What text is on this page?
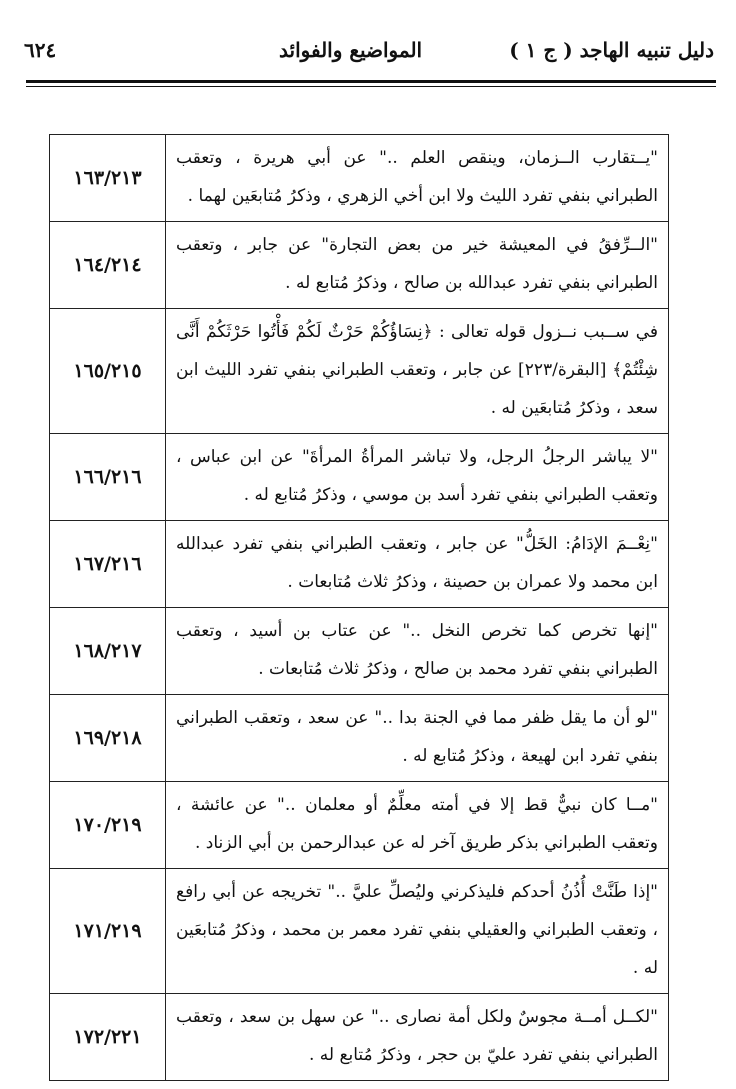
دليل تنبيه الهاجد ( ج ١ )
المواضيع والفوائد
٦٢٤
"يــتقارب الــزمان، وينقص العلم .." عن أبي هريرة ، وتعقب الطبراني بنفي تفرد الليث ولا ابن أخي الزهري ، وذكرُ مُتابعَين لهما .	١٦٣/٢١٣
"الــرِّفقُ في المعيشة خير من بعض التجارة" عن جابر ، وتعقب الطبراني بنفي تفرد عبدالله بن صالح ، وذكرُ مُتابع له .	١٦٤/٢١٤
في ســبب نــزول قوله تعالى : ﴿نِسَاؤُكُمْ حَرْثٌ لَكُمْ فَأْتُوا حَرْثَكُمْ أَنَّى شِئْتُمْ﴾ [البقرة/٢٢٣] عن جابر ، وتعقب الطبراني بنفي تفرد الليث ابن سعد ، وذكرُ مُتابعَين له .	١٦٥/٢١٥
"لا يباشر الرجلُ الرجل، ولا تباشر المرأةُ المرأةَ" عن ابن عباس ، وتعقب الطبراني بنفي تفرد أسد بن موسي ، وذكرُ مُتابع له .	١٦٦/٢١٦
"نِعْــمَ الإدَامُ: الخَلُّ" عن جابر ، وتعقب الطبراني بنفي تفرد عبدالله ابن محمد ولا عمران بن حصينة ، وذكرُ ثلاث مُتابعات .	١٦٧/٢١٦
"إنها تخرص كما تخرص النخل .." عن عتاب بن أسيد ، وتعقب الطبراني بنفي تفرد محمد بن صالح ، وذكرُ ثلاث مُتابعات .	١٦٨/٢١٧
"لو أن ما يقل ظفر مما في الجنة بدا .." عن سعد ، وتعقب الطبراني بنفي تفرد ابن لهيعة ، وذكرُ مُتابع له .	١٦٩/٢١٨
"مــا كان نبيٌّ قط إلا في أمته معلِّمٌ أو معلمان .." عن عائشة ، وتعقب الطبراني بذكر طريق آخر له عن عبدالرحمن بن أبي الزناد .	١٧٠/٢١٩
"إذا طَنَّتْ أُذُنُ أحدكم فليذكرني وليُصلِّ عليَّ .." تخريجه عن أبي رافع ، وتعقب الطبراني والعقيلي بنفي تفرد معمر بن محمد ، وذكرُ مُتابعَين له .	١٧١/٢١٩
"لكــل أمــة مجوسٌ ولكل أمة نصارى .." عن سهل بن سعد ، وتعقب الطبراني بنفي تفرد عليّ بن حجر ، وذكرُ مُتابع له .	١٧٢/٢٢١
